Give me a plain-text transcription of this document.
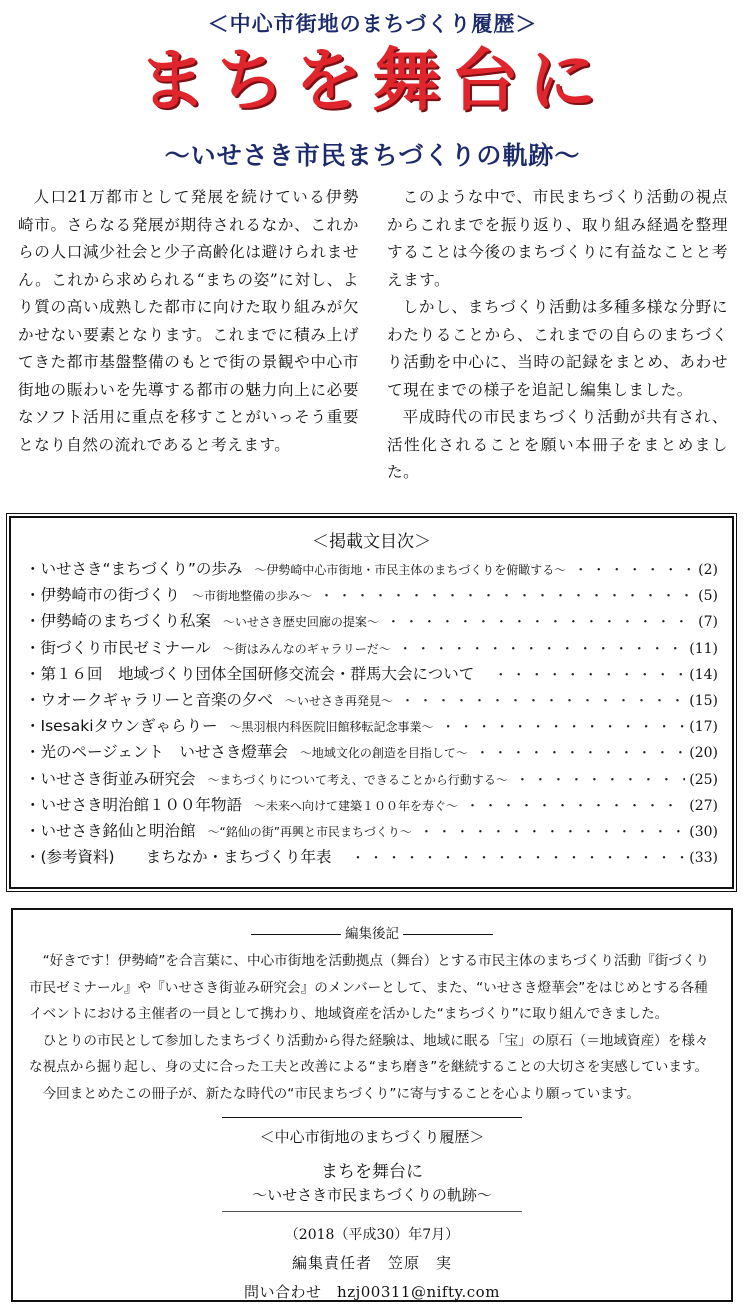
＜中心市街地のまちづくり履歴＞
まちを舞台に
～いせさき市民まちづくりの軌跡～

人口21万都市として発展を続けている伊勢崎市。さらなる発展が期待されるなか、これからの人口減少社会と少子高齢化は避けられません。これから求められる“まちの姿”に対し、より質の高い成熟した都市に向けた取り組みが欠かせない要素となります。これまでに積み上げてきた都市基盤整備のもとで街の景観や中心市街地の賑わいを先導する都市の魅力向上に必要なソフト活用に重点を移すことがいっそう重要となり自然の流れであると考えます。

このような中で、市民まちづくり活動の視点からこれまでを振り返り、取り組み経過を整理することは今後のまちづくりに有益なことと考えます。

しかし、まちづくり活動は多種多様な分野にわたりることから、これまでの自らのまちづくり活動を中心に、当時の記録をまとめ、あわせて現在までの様子を追記し編集しました。

平成時代の市民まちづくり活動が共有され、活性化されることを願い本冊子をまとめました。

＜掲載文目次＞
・いせさき“まちづくり”の歩み ～伊勢崎中心市街地・市民主体のまちづくりを俯瞰する～ ・・・・・・・・・・・・・・・・・・・・・・・・・・・・・・・・・・・・・・・・・・・・	(2)
・伊勢崎市の街づくり ～市街地整備の歩み～ ・・・・・・・・・・・・・・・・・・・・・・・・・・・・・・・・・・・・・・・・・・・・	(5)
・伊勢崎のまちづくり私案 ～いせさき歴史回廊の提案～ ・・・・・・・・・・・・・・・・・・・・・・・・・・・・・・・・・・・・・・・・・・・・	(7)
・街づくり市民ゼミナール ～街はみんなのギャラリーだ～ ・・・・・・・・・・・・・・・・・・・・・・・・・・・・・・・・・・・・・・・・・・・・	(11)
・第１６回　地域づくり団体全国研修交流会・群馬大会について ・・・・・・・・・・・・・・・・・・・・・・・・・・・・・・・・・・・・・・・・・・・・	(14)
・ウオークギャラリーと音楽の夕べ ～いせさき再発見～ ・・・・・・・・・・・・・・・・・・・・・・・・・・・・・・・・・・・・・・・・・・・・	(15)
・Isesakiタウンぎゃらりー ～黒羽根内科医院旧館移転記念事業～ ・・・・・・・・・・・・・・・・・・・・・・・・・・・・・・・・・・・・・・・・・・・・	(17)
・光のページェント　いせさき燈華会 ～地域文化の創造を目指して～ ・・・・・・・・・・・・・・・・・・・・・・・・・・・・・・・・・・・・・・・・・・・・	(20)
・いせさき街並み研究会 ～まちづくりについて考え、できることから行動する～ ・・・・・・・・・・・・・・・・・・・・・・・・・・・・・・・・・・・・・・・・・・・・	(25)
・いせさき明治館１００年物語 ～未来へ向けて建築１００年を寿ぐ～ ・・・・・・・・・・・・・・・・・・・・・・・・・・・・・・・・・・・・・・・・・・・・	(27)
・いせさき銘仙と明治館 ～“銘仙の街”再興と市民まちづくり～ ・・・・・・・・・・・・・・・・・・・・・・・・・・・・・・・・・・・・・・・・・・・・	(30)
・(参考資料)　　まちなか・まちづくり年表 ・・・・・・・・・・・・・・・・・・・・・・・・・・・・・・・・・・・・・・・・・・・・	(33)
編集後記

“好きです！伊勢崎”を合言葉に、中心市街地を活動拠点（舞台）とする市民主体のまちづくり活動『街づくり市民ゼミナール』や『いせさき街並み研究会』のメンバーとして、また、“いせさき燈華会”をはじめとする各種イベントにおける主催者の一員として携わり、地域資産を活かした“まちづくり”に取り組んできました。

ひとりの市民として参加したまちづくり活動から得た経験は、地域に眠る「宝」の原石（＝地域資産）を様々な視点から掘り起し、身の丈に合った工夫と改善による“まち磨き”を継続することの大切さを実感しています。

今回まとめたこの冊子が、新たな時代の“市民まちづくり”に寄与することを心より願っています。

＜中心市街地のまちづくり履歴＞
まちを舞台に
～いせさき市民まちづくりの軌跡～
（2018（平成30）年7月）
編集責任者　笠原　実
問い合わせ　hzj00311@nifty.com
